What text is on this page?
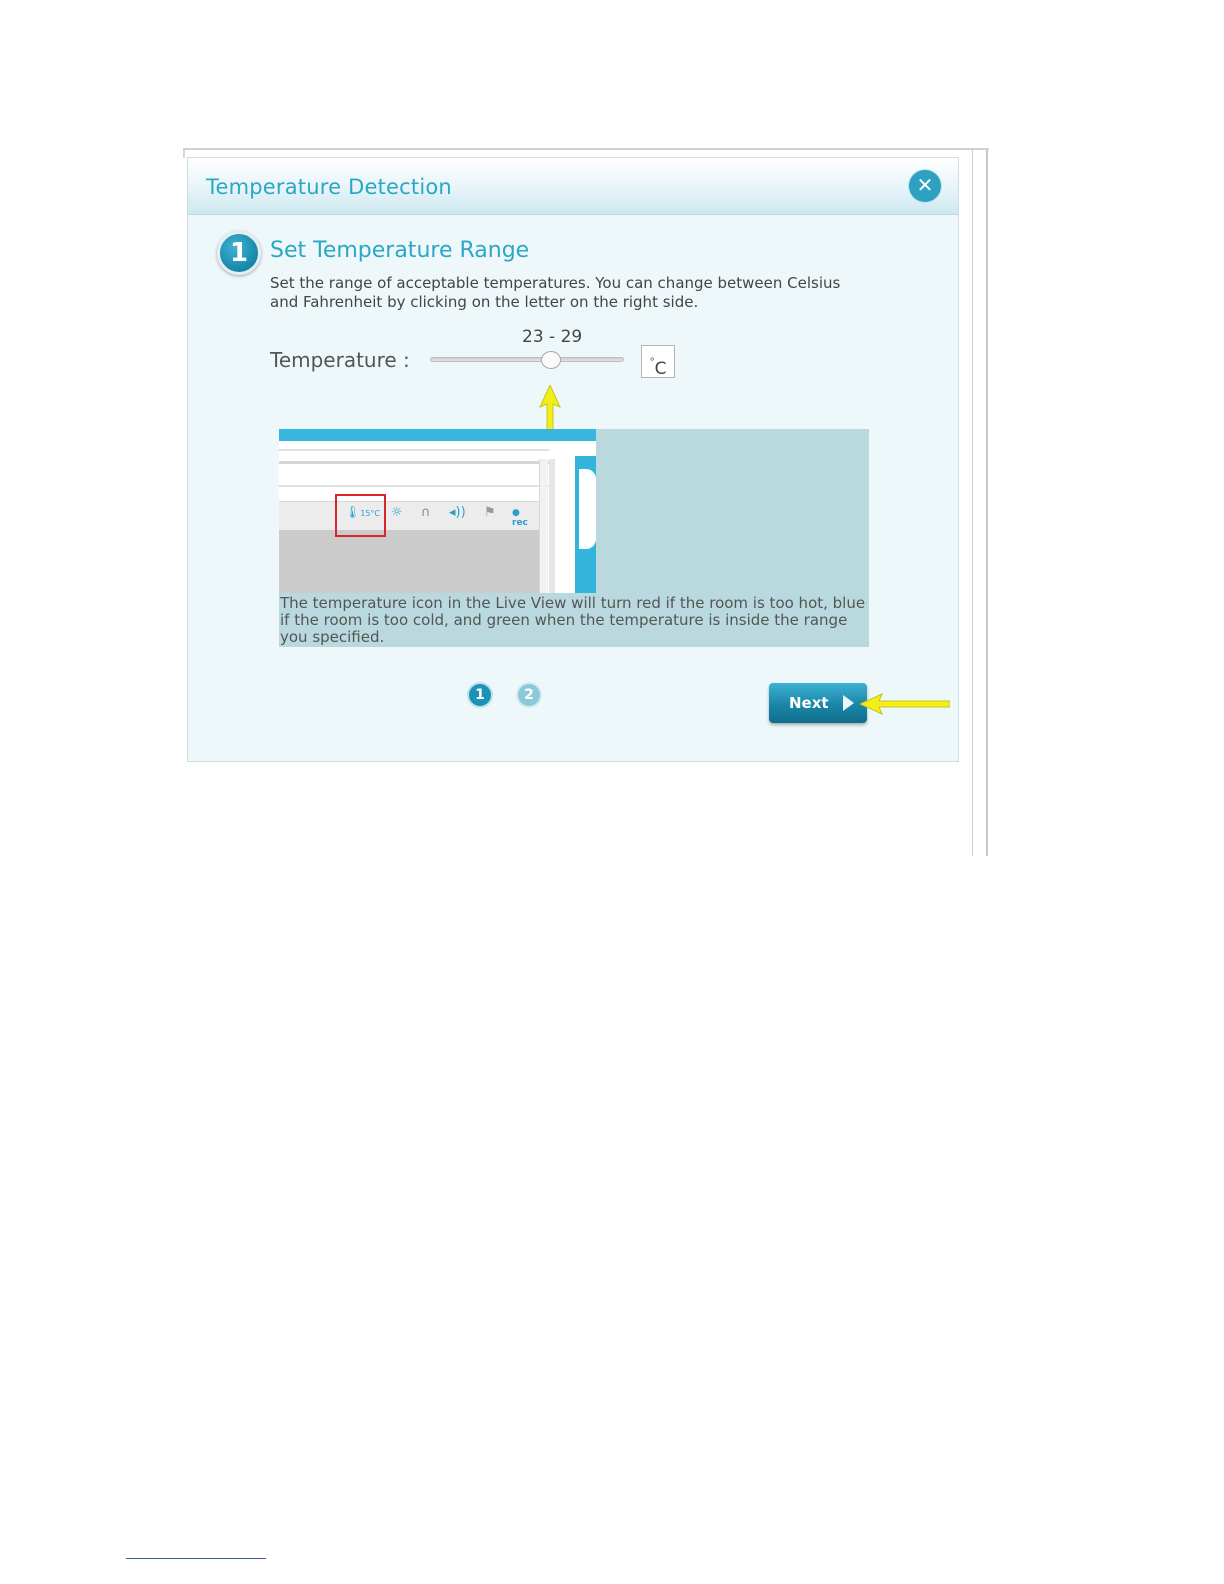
Temperature Detection	✕
1 Set Temperature Range
Set the range of acceptable temperatures. You can change between Celsius and Fahrenheit by clicking on the letter on the right side.
23 - 29
Temperature :	°C
🌡15°C ☼ ∩ ◂)) ⚑ ●
rec
The temperature icon in the Live View will turn red if the room is too hot, blue if the room is too cold, and green when the temperature is inside the range you specified.
1	2	Next
